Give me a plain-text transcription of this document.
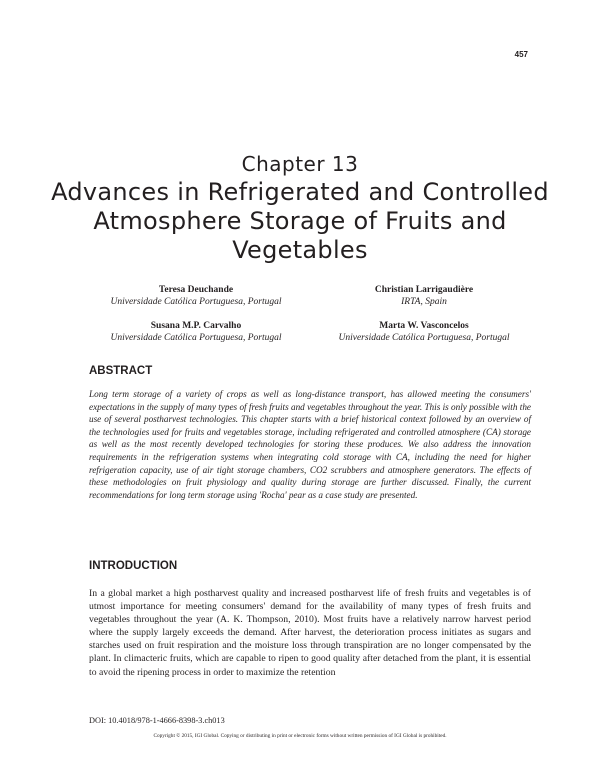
457
Chapter 13
Advances in Refrigerated and Controlled Atmosphere Storage of Fruits and Vegetables
Teresa Deuchande
Universidade Católica Portuguesa, Portugal
Christian Larrigaudière
IRTA, Spain
Susana M.P. Carvalho
Universidade Católica Portuguesa, Portugal
Marta W. Vasconcelos
Universidade Católica Portuguesa, Portugal
ABSTRACT

Long term storage of a variety of crops as well as long-distance transport, has allowed meeting the consumers' expectations in the supply of many types of fresh fruits and vegetables throughout the year. This is only possible with the use of several postharvest technologies. This chapter starts with a brief historical context followed by an overview of the technologies used for fruits and vegetables storage, including refrigerated and controlled atmosphere (CA) storage as well as the most recently developed technologies for storing these produces. We also address the innovation requirements in the refrigeration systems when integrating cold storage with CA, including the need for higher refrigeration capacity, use of air tight storage chambers, CO2 scrubbers and atmosphere generators. The effects of these methodologies on fruit physiology and quality during storage are further discussed. Finally, the current recommendations for long term storage using 'Rocha' pear as a case study are presented.

INTRODUCTION

In a global market a high postharvest quality and increased postharvest life of fresh fruits and vegetables is of utmost importance for meeting consumers' demand for the availability of many types of fresh fruits and vegetables throughout the year (A. K. Thompson, 2010). Most fruits have a relatively narrow harvest period where the supply largely exceeds the demand. After harvest, the deterioration process initiates as sugars and starches used on fruit respiration and the moisture loss through transpiration are no longer compensated by the plant. In climacteric fruits, which are capable to ripen to good quality after detached from the plant, it is essential to avoid the ripening process in order to maximize the retention

DOI: 10.4018/978-1-4666-8398-3.ch013
Copyright © 2015, IGI Global. Copying or distributing in print or electronic forms without written permission of IGI Global is prohibited.
